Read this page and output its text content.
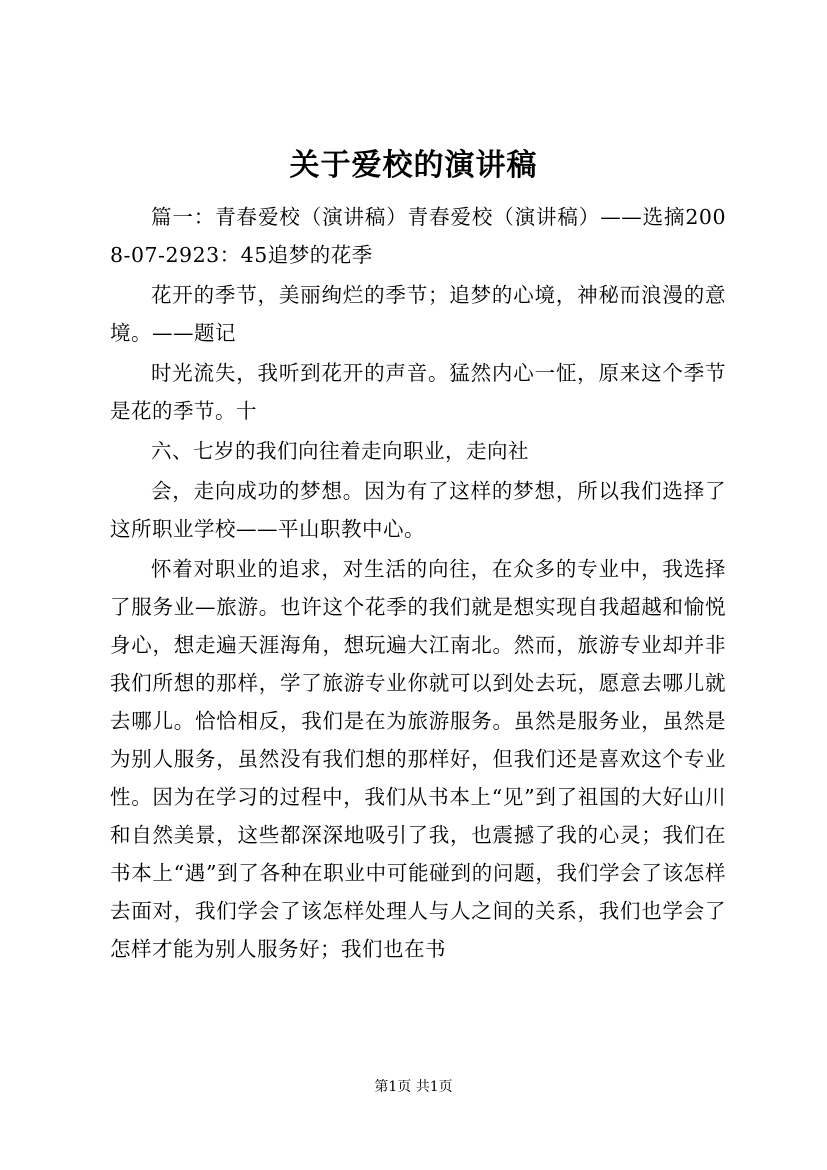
关于爱校的演讲稿

篇一：青春爱校（演讲稿）青春爱校（演讲稿）——选摘2008-07-2923：45追梦的花季

花开的季节，美丽绚烂的季节；追梦的心境，神秘而浪漫的意境。——题记

时光流失，我听到花开的声音。猛然内心一怔，原来这个季节是花的季节。十

六、七岁的我们向往着走向职业，走向社

会，走向成功的梦想。因为有了这样的梦想，所以我们选择了这所职业学校——平山职教中心。

怀着对职业的追求，对生活的向往，在众多的专业中，我选择了服务业—旅游。也许这个花季的我们就是想实现自我超越和愉悦身心，想走遍天涯海角，想玩遍大江南北。然而，旅游专业却并非我们所想的那样，学了旅游专业你就可以到处去玩，愿意去哪儿就去哪儿。恰恰相反，我们是在为旅游服务。虽然是服务业，虽然是为别人服务，虽然没有我们想的那样好，但我们还是喜欢这个专业性。因为在学习的过程中，我们从书本上“见”到了祖国的大好山川和自然美景，这些都深深地吸引了我，也震撼了我的心灵；我们在书本上“遇”到了各种在职业中可能碰到的问题，我们学会了该怎样去面对，我们学会了该怎样处理人与人之间的关系，我们也学会了怎样才能为别人服务好；我们也在书

第1页 共1页
